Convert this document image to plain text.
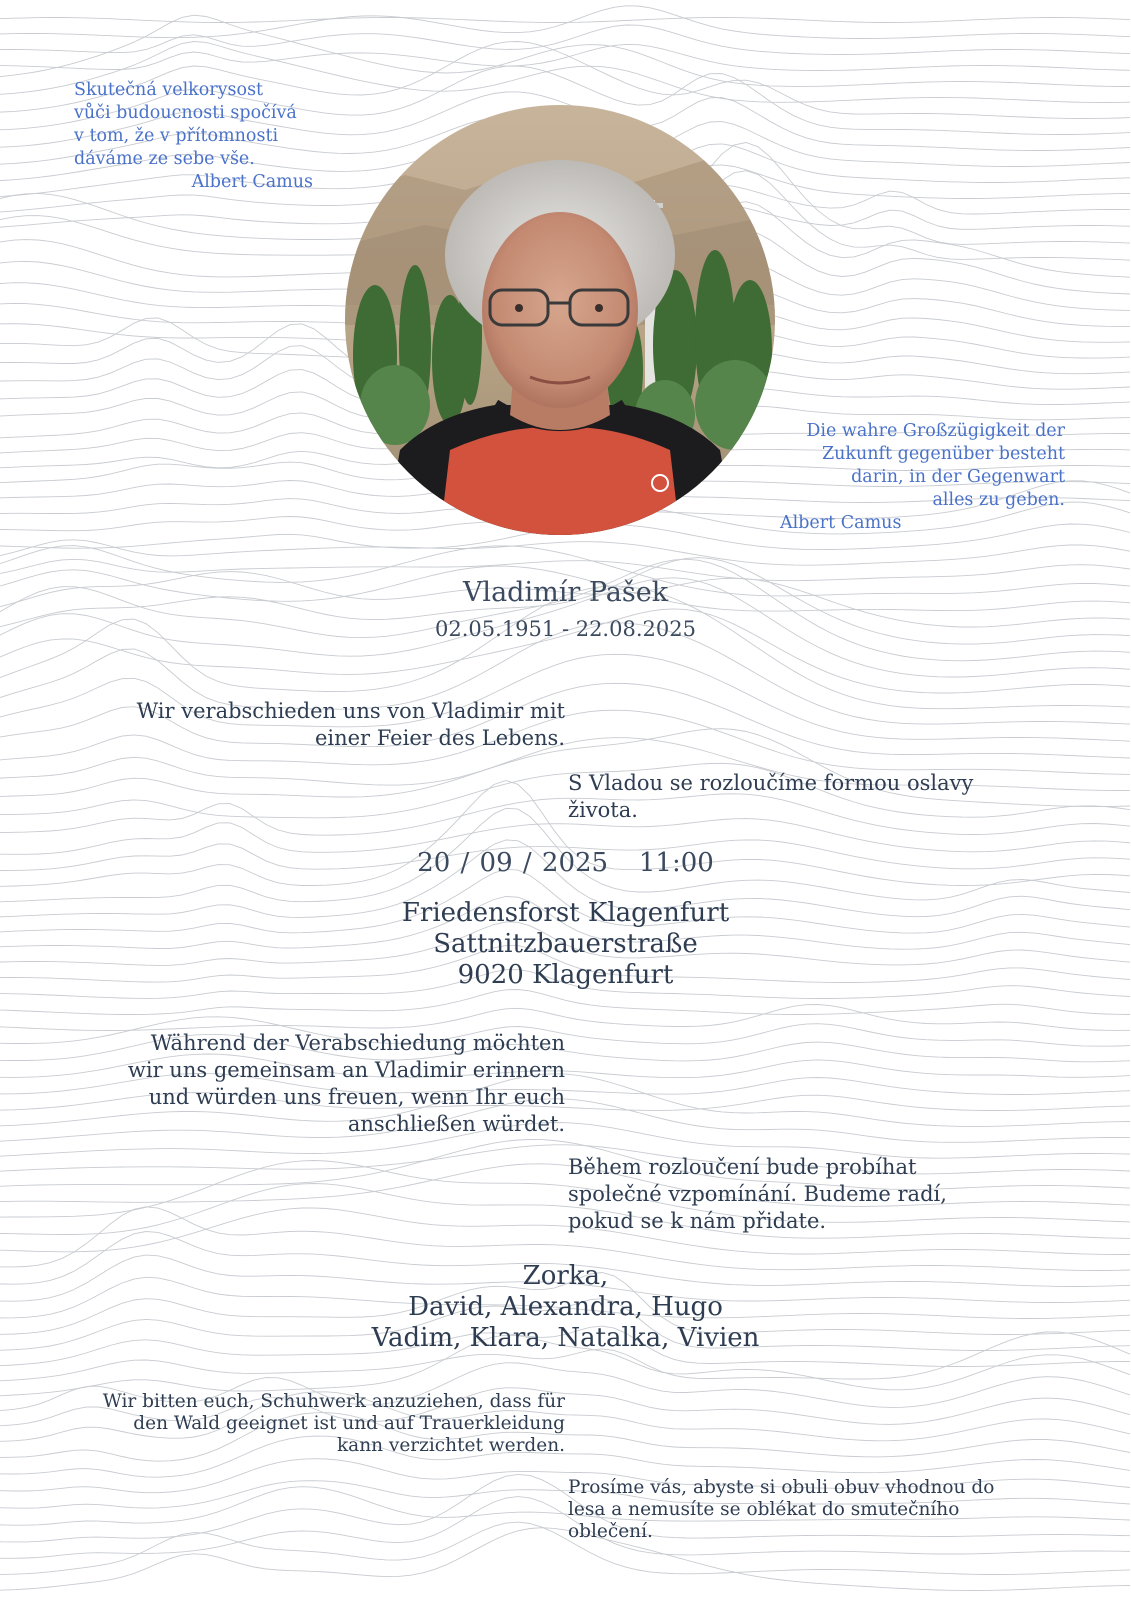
Skutečná velkorysost
vůči budoucnosti spočívá
v tom, že v přítomnosti
dáváme ze sebe vše.
Albert Camus
Die wahre Großzügigkeit der
Zukunft gegenüber besteht
darin, in der Gegenwart
alles zu geben.
Albert Camus
Vladimír Pašek
02.05.1951 - 22.08.2025
Wir verabschieden uns von Vladimir mit
einer Feier des Lebens.
S Vladou se rozloučíme formou oslavy
života.
20 / 09 / 2025 11:00
Friedensforst Klagenfurt
Sattnitzbauerstraße
9020 Klagenfurt
Während der Verabschiedung möchten
wir uns gemeinsam an Vladimir erinnern
und würden uns freuen, wenn Ihr euch
anschließen würdet.
Během rozloučení bude probíhat
společné vzpomínání. Budeme radí,
pokud se k nám přidate.
Zorka,
David, Alexandra, Hugo
Vadim, Klara, Natalka, Vivien
Wir bitten euch, Schuhwerk anzuziehen, dass für
den Wald geeignet ist und auf Trauerkleidung
kann verzichtet werden.
Prosíme vás, abyste si obuli obuv vhodnou do
lesa a nemusíte se oblékat do smutečního
oblečení.
